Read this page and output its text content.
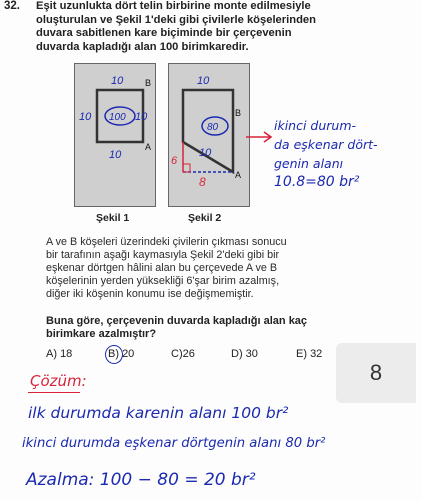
32. Eşit uzunlukta dört telin birbirine monte edilmesiyle
oluşturulan ve Şekil 1'deki gibi çivilerle köşelerinden
duvara sabitlenen kare biçiminde bir çerçevenin
duvarda kapladığı alan 100 birimkaredir.
B
A
10
10	10
10
100
Şekil 1
B
A
10
80
10
6
8
Şekil 2
ikinci durum-
da eşkenar dört-
genin alanı
10.8=80 br²
A ve B köşeleri üzerindeki çivilerin çıkması sonucu
bir tarafının aşağı kaymasıyla Şekil 2'deki gibi bir
eşkenar dörtgen hâlini alan bu çerçevede A ve B
köşelerinin yerden yüksekliği 6'şar birim azalmış,
diğer iki köşenin konumu ise değişmemiştir.
Buna göre, çerçevenin duvarda kapladığı alan kaç
birimkare azalmıştır?
A) 18	B) 20	C)26	D) 30	E) 32
8
Çözüm:
ilk durumda karenin alanı 100 br²
ikinci durumda eşkenar dörtgenin alanı 80 br²
Azalma: 100 − 80 = 20 br²
